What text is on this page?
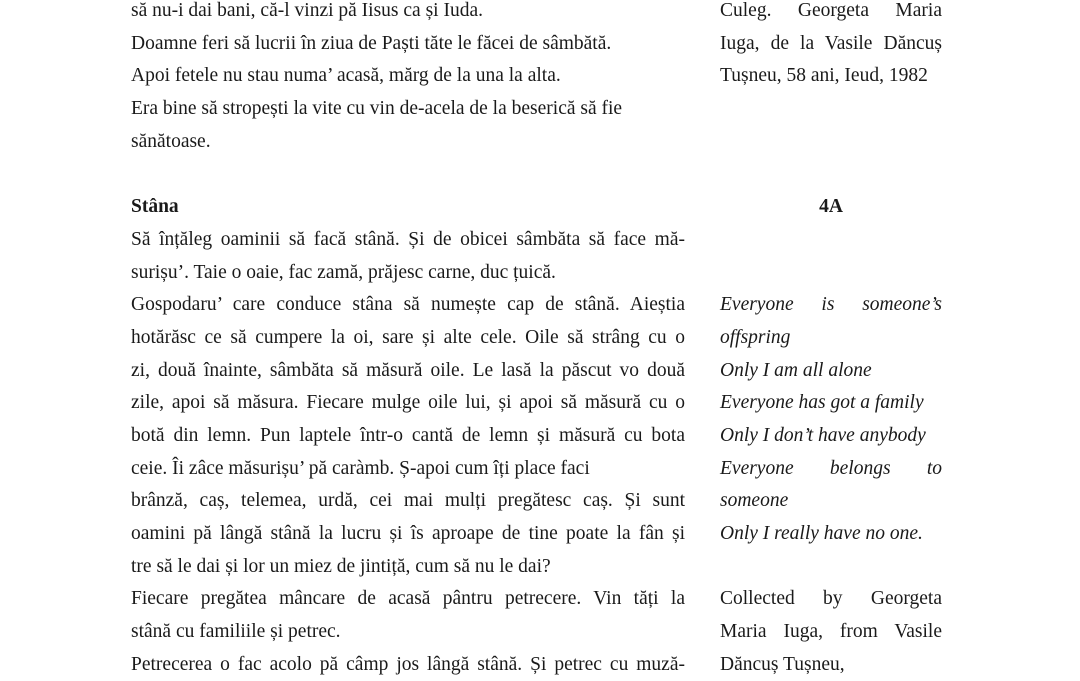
să nu-i dai bani, că-l vinzi pă Iisus ca și Iuda.
Doamne feri să lucrii în ziua de Paști tăte le făcei de sâmbătă.
Apoi fetele nu stau numa’ acasă, mărg de la una la alta.
Era bine să stropești la vite cu vin de-acela de la beserică să fie
sănătoase.
Stâna
Să înțăleg oaminii să facă stână. Și de obicei sâmbăta să face mă-
surișu’. Taie o oaie, fac zamă, prăjesc carne, duc țuică.
Gospodaru’ care conduce stâna să numește cap de stână. Aieștia
hotărăsc ce să cumpere la oi, sare și alte cele. Oile să strâng cu o
zi, două înainte, sâmbăta să măsură oile. Le lasă la păscut vo două
zile, apoi să măsura. Fiecare mulge oile lui, și apoi să măsură cu o
botă din lemn. Pun laptele într-o cantă de lemn și măsură cu bota
ceie. Îi zâce măsurișu’ pă caràmb. Ș-apoi cum îți place faci
brânză, caș, telemea, urdă, cei mai mulți pregătesc caș. Și sunt
oamini pă lângă stână la lucru și îs aproape de tine poate la fân și
tre să le dai și lor un miez de jintiță, cum să nu le dai?
Fiecare pregătea mâncare de acasă pântru petrecere. Vin tăți la
stână cu familiile și petrec.
Petrecerea o fac acolo pă câmp jos lângă stână. Și petrec cu muză-
Culeg. Georgeta Maria
Iuga, de la Vasile Dăncuș
Tușneu, 58 ani, Ieud, 1982
4A
Everyone is someone’s
offspring
Only I am all alone
Everyone has got a family
Only I don’t have anybody
Everyone belongs to
someone
Only I really have no one.
Collected by Georgeta
Maria Iuga, from Vasile
Dăncuș Tușneu,
